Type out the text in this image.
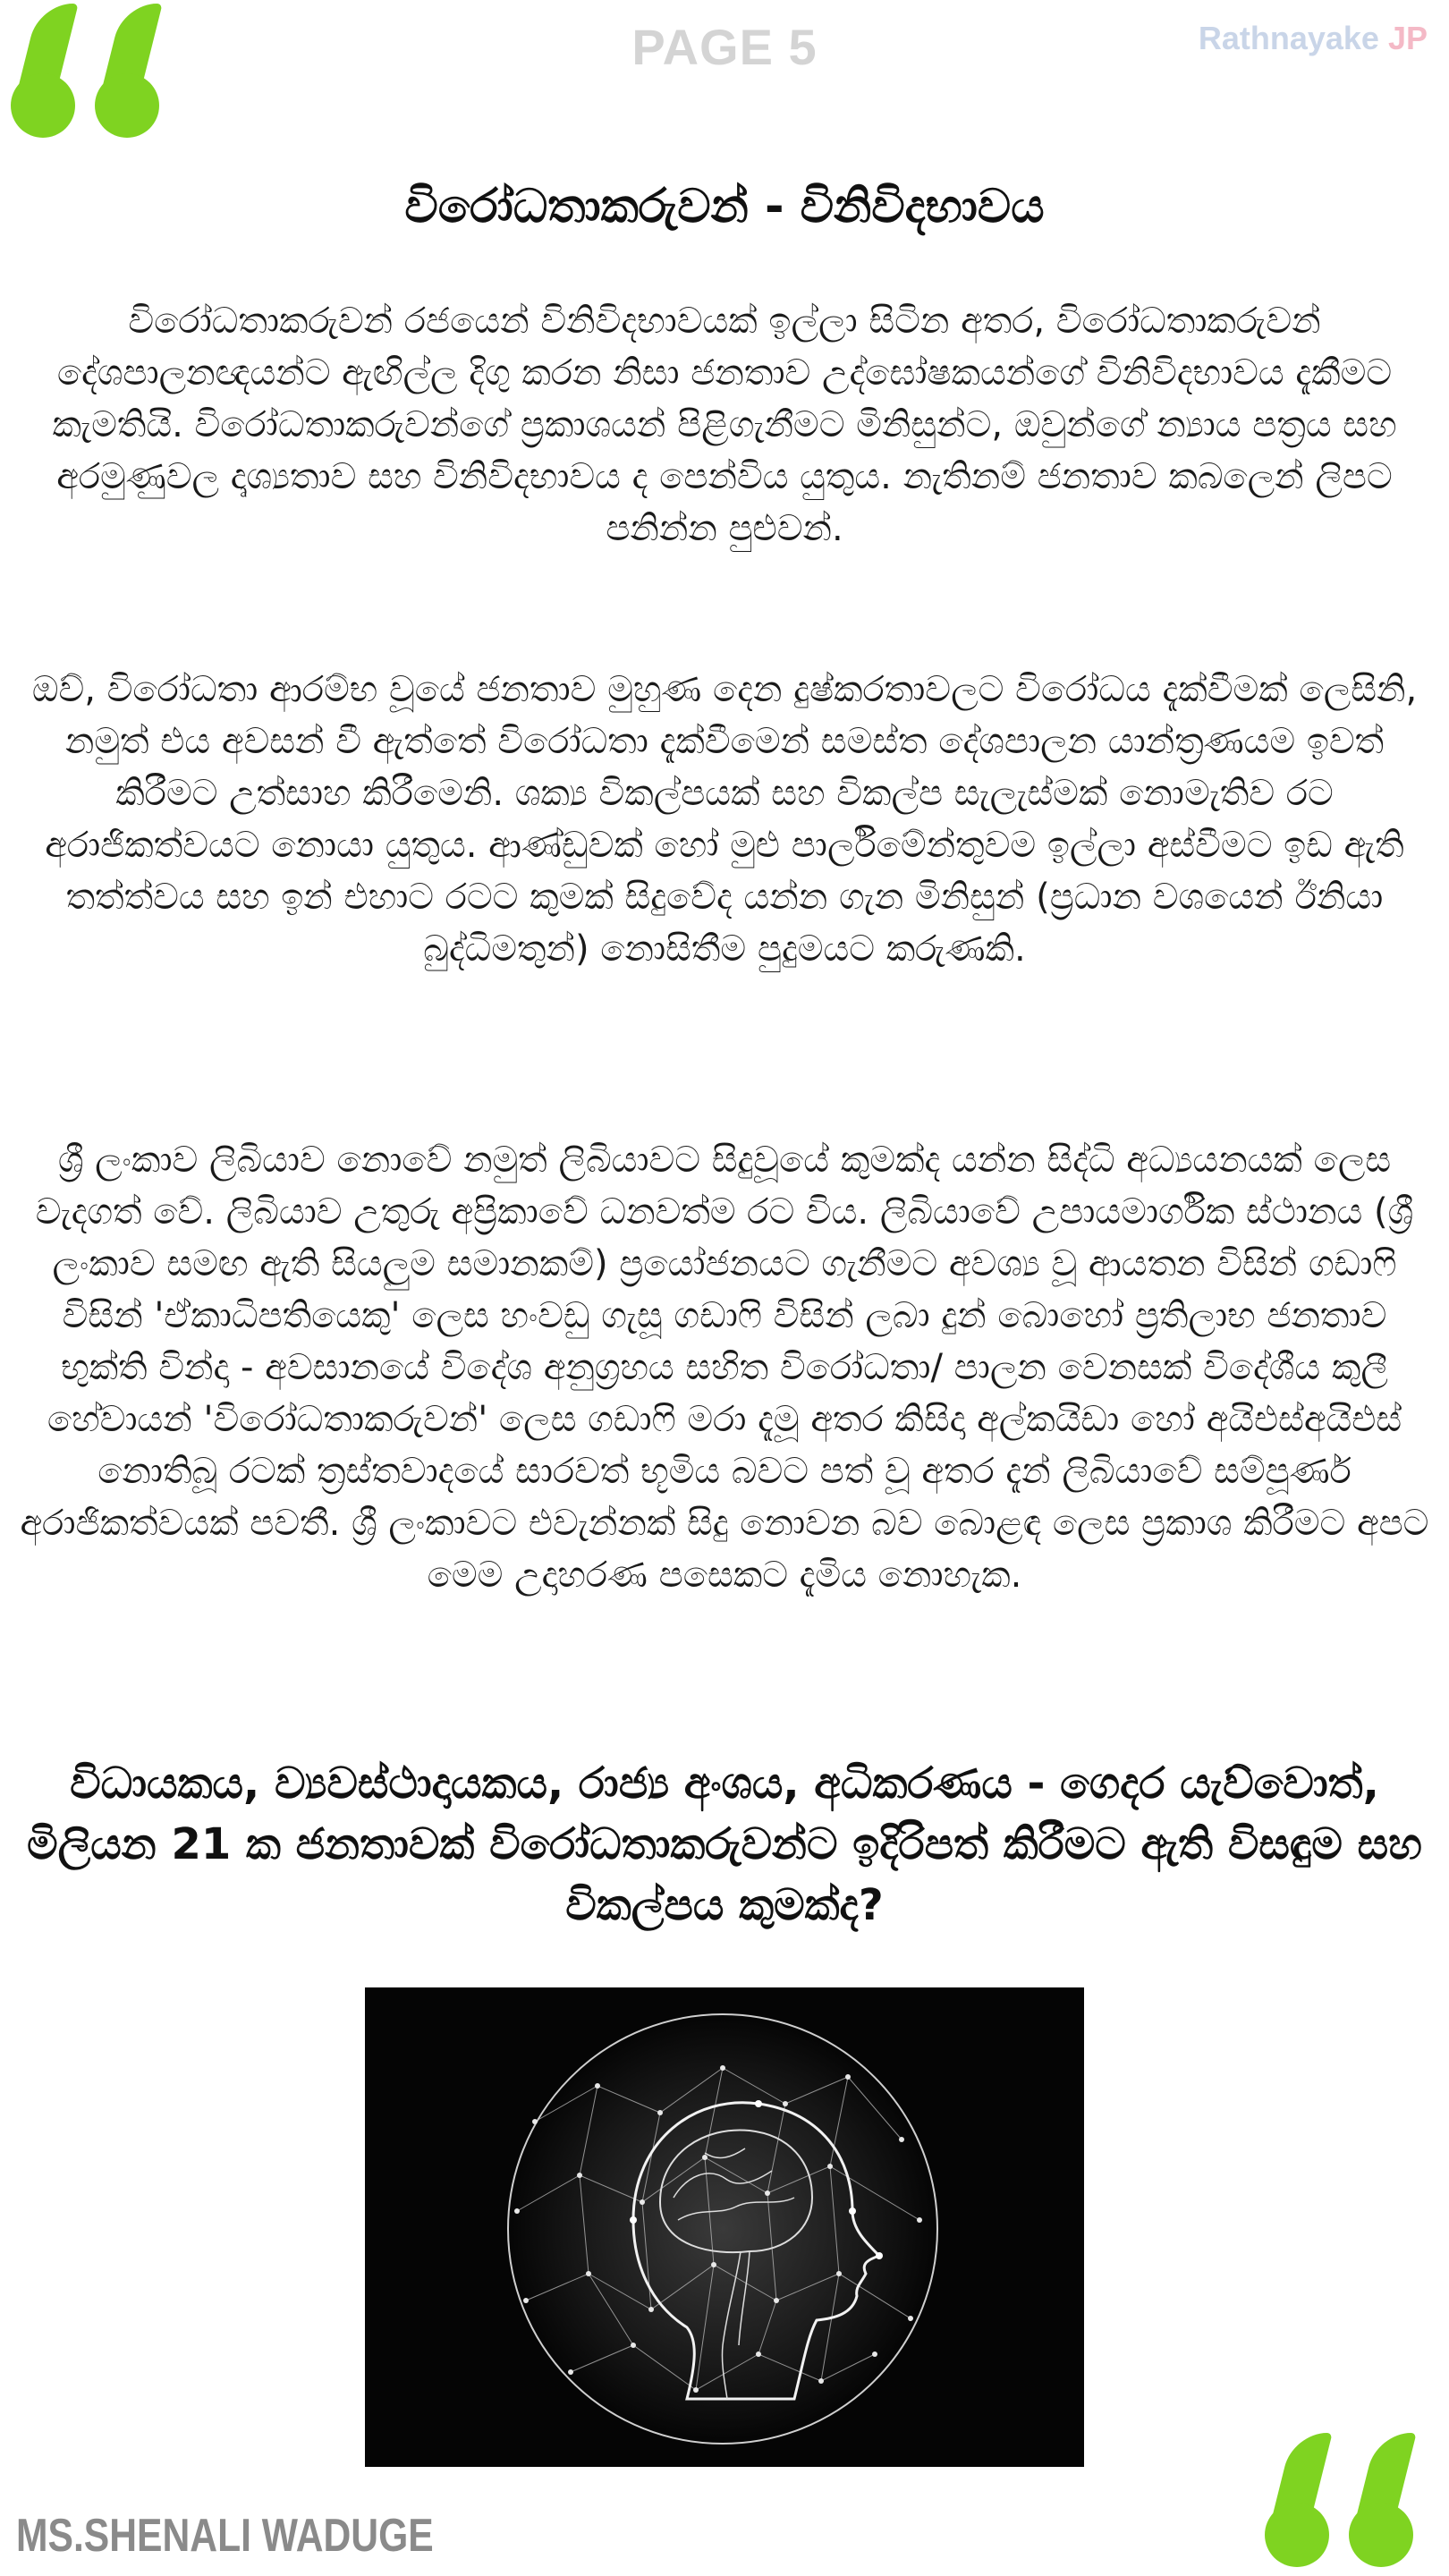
PAGE 5	Rathnayake JP
විරෝධතාකරුවන් - විනිවිදභාවය
විරෝධතාකරුවන් රජයෙන් විනිවිදභාවයක් ඉල්ලා සිටින අතර, විරෝධතාකරුවන් දේශපාලනඥයන්ට ඇඟිල්ල දිගු කරන නිසා ජනතාව උද්ඝෝෂකයන්ගේ විනිවිදභාවය දැකීමට කැමතියි. විරෝධතාකරුවන්ගේ ප්‍රකාශයන් පිළිගැනීමට මිනිසුන්ට, ඔවුන්ගේ න්‍යාය පත්‍රය සහ අරමුණුවල දෘශ්‍යතාව සහ විනිවිදභාවය ද පෙන්විය යුතුය. නැතිනම් ජනතාව කබලෙන් ලිපට පනින්න පුළුවන්.
ඔව්, විරෝධතා ආරම්භ වූයේ ජනතාව මුහුණ දෙන දුෂ්කරතාවලට විරෝධය දැක්වීමක් ලෙසිනි, නමුත් එය අවසන් වී ඇත්තේ විරෝධතා දැක්වීමෙන් සමස්ත දේශපාලන යාන්ත්‍රණයම ඉවත් කිරීමට උත්සාහ කිරීමෙනි. ශක්‍ය විකල්පයක් සහ විකල්ප සැලැස්මක් නොමැතිව රට අරාජිකත්වයට නොයා යුතුය. ආණ්ඩුවක් හෝ මුළු පාර්ලිමේන්තුවම ඉල්ලා අස්වීමට ඉඩ ඇති තත්ත්වය සහ ඉන් එහාට රටට කුමක් සිදුවේද යන්න ගැන මිනිසුන් (ප්‍රධාන වශයෙන් ඊනියා බුද්ධිමතුන්) නොසිතීම පුදුමයට කරුණකි.
ශ්‍රී ලංකාව ලිබියාව නොවේ නමුත් ලිබියාවට සිදුවූයේ කුමක්ද යන්න සිද්ධි අධ්‍යයනයක් ලෙස වැදගත් වේ. ලිබියාව උතුරු අප්‍රිකාවේ ධනවත්ම රට විය. ලිබියාවේ උපායමාර්ගික ස්ථානය (ශ්‍රී ලංකාව සමඟ ඇති සියලුම සමානකම්) ප්‍රයෝජනයට ගැනීමට අවශ්‍ය වූ ආයතන විසින් ගඩාෆි විසින් 'ඒකාධිපතියෙකු' ලෙස හංවඩු ගැසූ ගඩාෆි විසින් ලබා දුන් බොහෝ ප්‍රතිලාභ ජනතාව භුක්ති වින්දා - අවසානයේ විදේශ අනුග්‍රහය සහිත විරෝධතා/ පාලන වෙනසක් විදේශීය කුලී හේවායන් 'විරෝධතාකරුවන්' ලෙස ගඩාෆි මරා දැමූ අතර කිසිදා අල්කයිඩා හෝ අයිඑස්අයිඑස් නොතිබූ රටක් ත්‍රස්තවාදයේ සාරවත් භූමිය බවට පත් වූ අතර දැන් ලිබියාවේ සම්පූර්ණ අරාජිකත්වයක් පවතී. ශ්‍රී ලංකාවට එවැන්නක් සිදු නොවන බව බොළඳ ලෙස ප්‍රකාශ කිරීමට අපට මෙම උදාහරණ පසෙකට දැමිය නොහැක.
විධායකය, ව්‍යවස්ථාදායකය, රාජ්‍ය අංශය, අධිකරණය - ගෙදර යැව්වොත්, මිලියන 21 ක ජනතාවක් විරෝධතාකරුවන්ට ඉදිරිපත් කිරීමට ඇති විසඳුම සහ විකල්පය කුමක්ද?
MS.SHENALI WADUGE
